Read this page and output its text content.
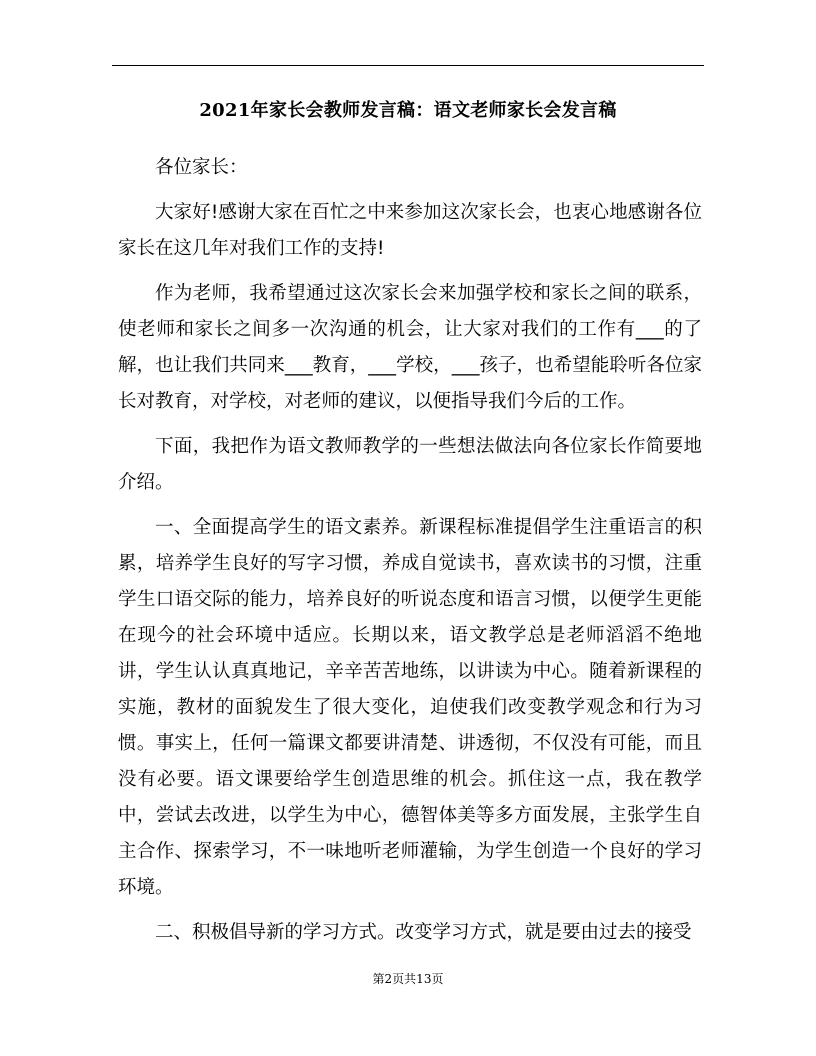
2021年家长会教师发言稿：语文老师家长会发言稿

各位家长：

大家好!感谢大家在百忙之中来参加这次家长会，也衷心地感谢各位家长在这几年对我们工作的支持!

作为老师，我希望通过这次家长会来加强学校和家长之间的联系，使老师和家长之间多一次沟通的机会，让大家对我们的工作有___的了解，也让我们共同来___教育，___学校，___孩子，也希望能聆听各位家长对教育，对学校，对老师的建议，以便指导我们今后的工作。

下面，我把作为语文教师教学的一些想法做法向各位家长作简要地介绍。

一、全面提高学生的语文素养。新课程标准提倡学生注重语言的积累，培养学生良好的写字习惯，养成自觉读书，喜欢读书的习惯，注重学生口语交际的能力，培养良好的听说态度和语言习惯，以便学生更能在现今的社会环境中适应。长期以来，语文教学总是老师滔滔不绝地讲，学生认认真真地记，辛辛苦苦地练，以讲读为中心。随着新课程的实施，教材的面貌发生了很大变化，迫使我们改变教学观念和行为习惯。事实上，任何一篇课文都要讲清楚、讲透彻，不仅没有可能，而且没有必要。语文课要给学生创造思维的机会。抓住这一点，我在教学中，尝试去改进，以学生为中心，德智体美等多方面发展，主张学生自主合作、探索学习，不一味地听老师灌输，为学生创造一个良好的学习环境。

二、积极倡导新的学习方式。改变学习方式，就是要由过去的接受

第2页共13页
